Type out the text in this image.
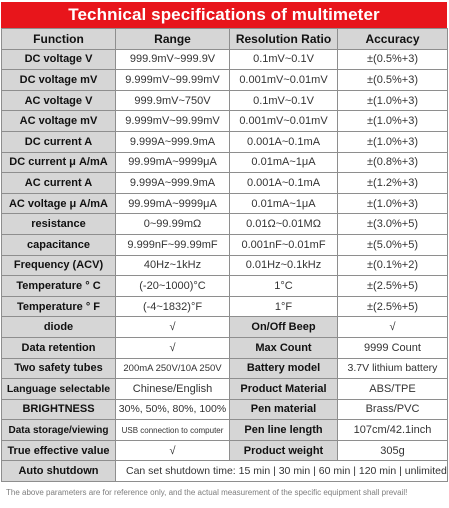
Technical specifications of multimeter
Function	Range	Resolution Ratio	Accuracy
DC voltage V	999.9mV~999.9V	0.1mV~0.1V	±(0.5%+3)
DC voltage mV	9.999mV~99.99mV	0.001mV~0.01mV	±(0.5%+3)
AC voltage V	999.9mV~750V	0.1mV~0.1V	±(1.0%+3)
AC voltage mV	9.999mV~99.99mV	0.001mV~0.01mV	±(1.0%+3)
DC current A	9.999A~999.9mA	0.001A~0.1mA	±(1.0%+3)
DC current μ A/mA	99.99mA~9999μA	0.01mA~1μA	±(0.8%+3)
AC current A	9.999A~999.9mA	0.001A~0.1mA	±(1.2%+3)
AC voltage μ A/mA	99.99mA~9999μA	0.01mA~1μA	±(1.0%+3)
resistance	0~99.99mΩ	0.01Ω~0.01MΩ	±(3.0%+5)
capacitance	9.999nF~99.99mF	0.001nF~0.01mF	±(5.0%+5)
Frequency (ACV)	40Hz~1kHz	0.01Hz~0.1kHz	±(0.1%+2)
Temperature ° C	(-20~1000)°C	1°C	±(2.5%+5)
Temperature ° F	(-4~1832)°F	1°F	±(2.5%+5)
diode	√	On/Off Beep	√
Data retention	√	Max Count	9999 Count
Two safety tubes	200mA 250V/10A 250V	Battery model	3.7V lithium battery
Language selectable	Chinese/English	Product Material	ABS/TPE
BRIGHTNESS	30%, 50%, 80%, 100%	Pen material	Brass/PVC
Data storage/viewing	USB connection to computer	Pen line length	107cm/42.1inch
True effective value	√	Product weight	305g
Auto shutdown	Can set shutdown time: 15 min | 30 min | 60 min | 120 min | unlimited		
The above parameters are for reference only, and the actual measurement of the specific equipment shall prevail!
